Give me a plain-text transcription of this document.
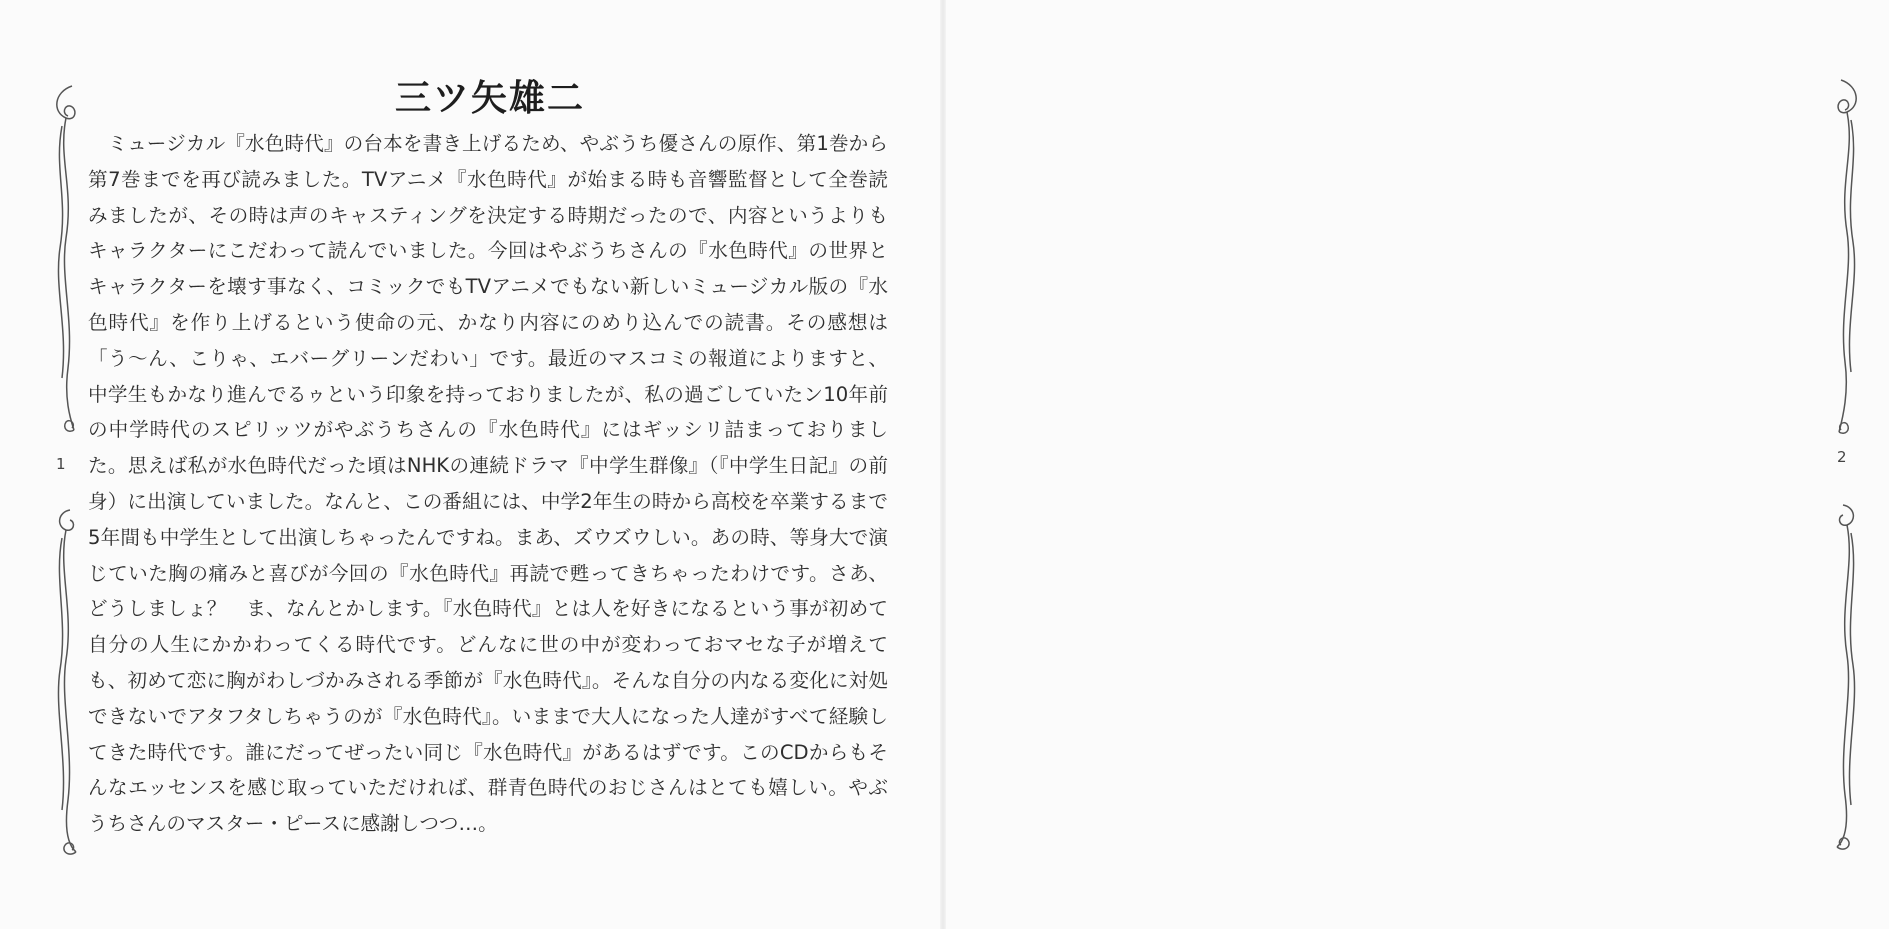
1
三ツ矢雄二

　ミュージカル『水色時代』の台本を書き上げるため、やぶうち優さんの原作、第1巻から第7巻までを再び読みました。TVアニメ『水色時代』が始まる時も音響監督として全巻読みましたが、その時は声のキャスティングを決定する時期だったので、内容というよりもキャラクターにこだわって読んでいました。今回はやぶうちさんの『水色時代』の世界とキャラクターを壊す事なく、コミックでもTVアニメでもない新しいミュージカル版の『水色時代』を作り上げるという使命の元、かなり内容にのめり込んでの読書。その感想は「う〜ん、こりゃ、エバーグリーンだわい」です。最近のマスコミの報道によりますと、中学生もかなり進んでるゥという印象を持っておりましたが、私の過ごしていたン10年前の中学時代のスピリッツがやぶうちさんの『水色時代』にはギッシリ詰まっておりました。思えば私が水色時代だった頃はNHKの連続ドラマ『中学生群像』（『中学生日記』の前身）に出演していました。なんと、この番組には、中学2年生の時から高校を卒業するまで5年間も中学生として出演しちゃったんですね。まあ、ズウズウしい。あの時、等身大で演じていた胸の痛みと喜びが今回の『水色時代』再読で甦ってきちゃったわけです。さあ、どうしましょ？　ま、なんとかします。『水色時代』とは人を好きになるという事が初めて自分の人生にかかわってくる時代です。どんなに世の中が変わっておマセな子が増えても、初めて恋に胸がわしづかみされる季節が『水色時代』。そんな自分の内なる変化に対処できないでアタフタしちゃうのが『水色時代』。いままで大人になった人達がすべて経験してきた時代です。誰にだってぜったい同じ『水色時代』があるはずです。このCDからもそんなエッセンスを感じ取っていただければ、群青色時代のおじさんはとても嬉しい。やぶうちさんのマスター・ピースに感謝しつつ…。

2
